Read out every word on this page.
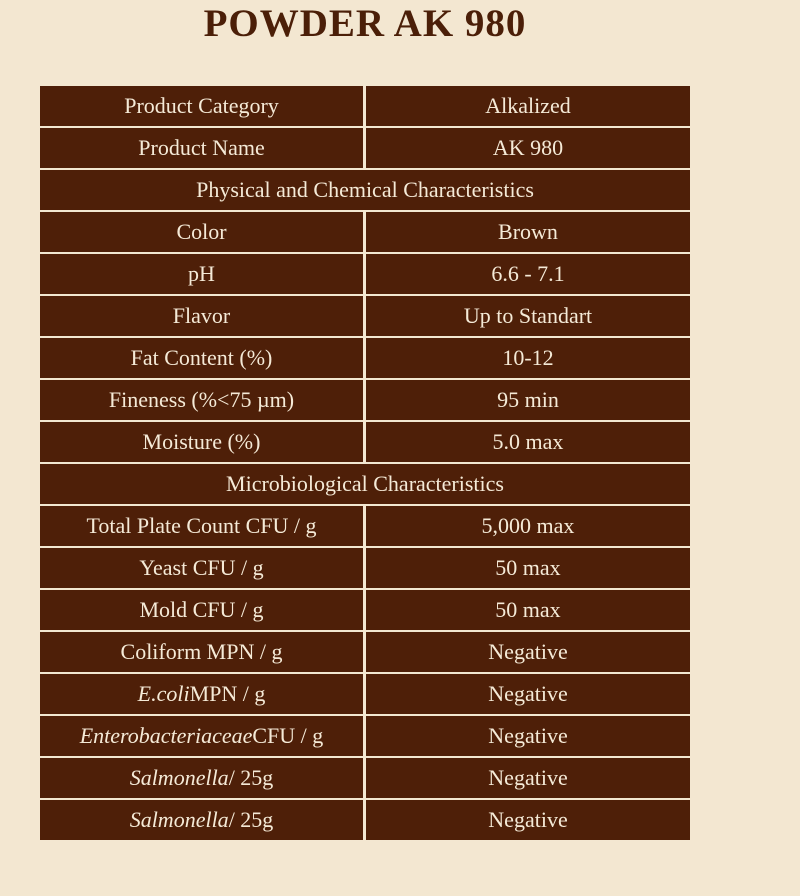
POWDER AK 980
Product Category	Alkalized
Product Name	AK 980
Physical and Chemical Characteristics
Color	Brown
pH	6.6 - 7.1
Flavor	Up to Standart
Fat Content (%)	10-12
Fineness (%<75 µm)	95 min
Moisture (%)	5.0 max
Microbiological Characteristics
Total Plate Count CFU / g	5,000 max
Yeast CFU / g	50 max
Mold CFU / g	50 max
Coliform MPN / g	Negative
E.coli MPN / g	Negative
Enterobacteriaceae CFU / g	Negative
Salmonella / 25g	Negative
Salmonella / 25g	Negative
